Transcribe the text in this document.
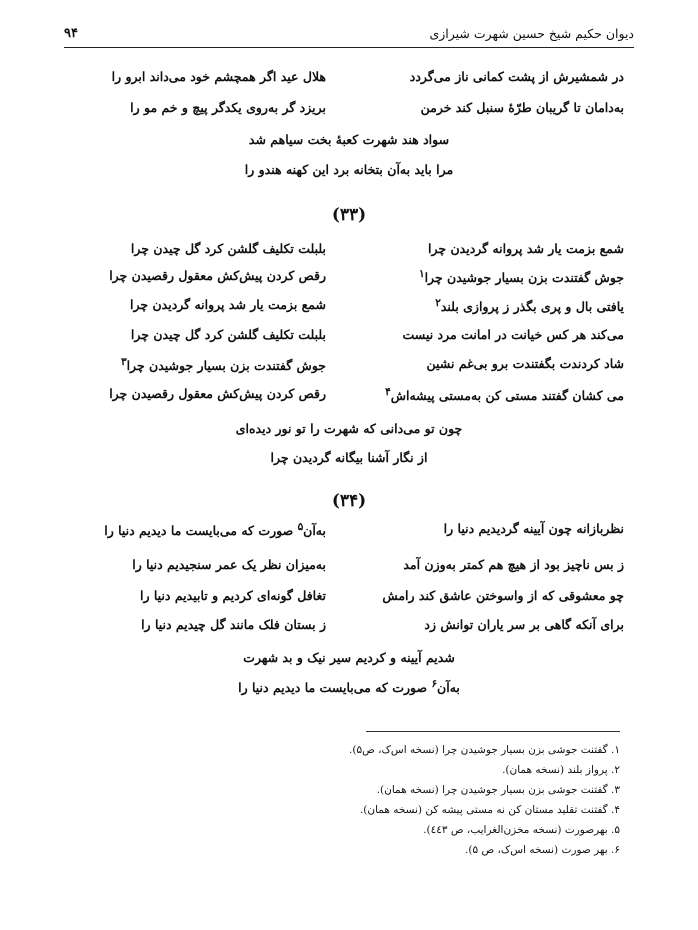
دیوان حکیم شیخ حسین شهرت شیرازی
۹۴
در شمشیرش از پشت کمانی ناز می‌گردد
هلال عید اگر همچشم خود می‌داند ابرو را
به‌دامان تا گریبان طرّهٔ سنبل کند خرمن
بریزد گر به‌روی یکدگر پیچ و خم مو را
سواد هند شهرت کعبهٔ بخت سیاهم شد
مرا باید به‌آن بتخانه برد این کهنه هندو را
(۳۳)
شمع بزمت یار شد پروانه گردیدن چرا
بلبلت تکلیف گلشن کرد گل چیدن چرا
جوش گفتندت بزن بسیار جوشیدن چرا$^۱$
رقص کردن پیش‌کش معقول رقصیدن چرا
یافتی بال و پری بگذر ز پروازی بلند$^۲$
شمع بزمت یار شد پروانه گردیدن چرا
می‌کند هر کس خیانت در امانت مرد نیست
بلبلت تکلیف گلشن کرد گل چیدن چرا
شاد کردندت بگفتندت برو بی‌غم نشین
جوش گفتندت بزن بسیار جوشیدن چرا$^۳$
می کشان گفتند مستی کن به‌مستی پیشه‌اش$^۴$
رقص کردن پیش‌کش معقول رقصیدن چرا
چون تو می‌دانی که شهرت را تو نور دیده‌ای
از نگار آشنا بیگانه گردیدن چرا
(۳۴)
نظربازانه چون آیینه گردیدیم دنیا را
به‌آن$^۵$ صورت که می‌بایست ما دیدیم دنیا را
ز بس ناچیز بود از هیچ هم کمتر به‌وزن آمد
به‌میزان نظر یک عمر سنجیدیم دنیا را
چو معشوقی که از واسوختن عاشق کند رامش
تغافل گونه‌ای کردیم و تابیدیم دنیا را
برای آنکه گاهی بر سر یاران توانش زد
ز بستان فلک مانند گل چیدیم دنیا را
شدیم آیینه و کردیم سیر نیک و بد شهرت
به‌آن$^۶$ صورت که می‌بایست ما دیدیم دنیا را
۱. گفتنت جوشی بزن بسیار جوشیدن چرا (نسخه اس‌ک، ص۵).
۲. پرواز بلند (نسخه همان).
۳. گفتنت جوشی بزن بسیار جوشیدن چرا (نسخه همان).
۴. گفتنت تقلید مستان کن نه مستی پیشه کن (نسخه همان).
۵. بهرصورت (نسخه مخزن‌الغرایب، ص ٤٤٣).
۶. بهر صورت (نسخه اس‌ک، ص ۵).
